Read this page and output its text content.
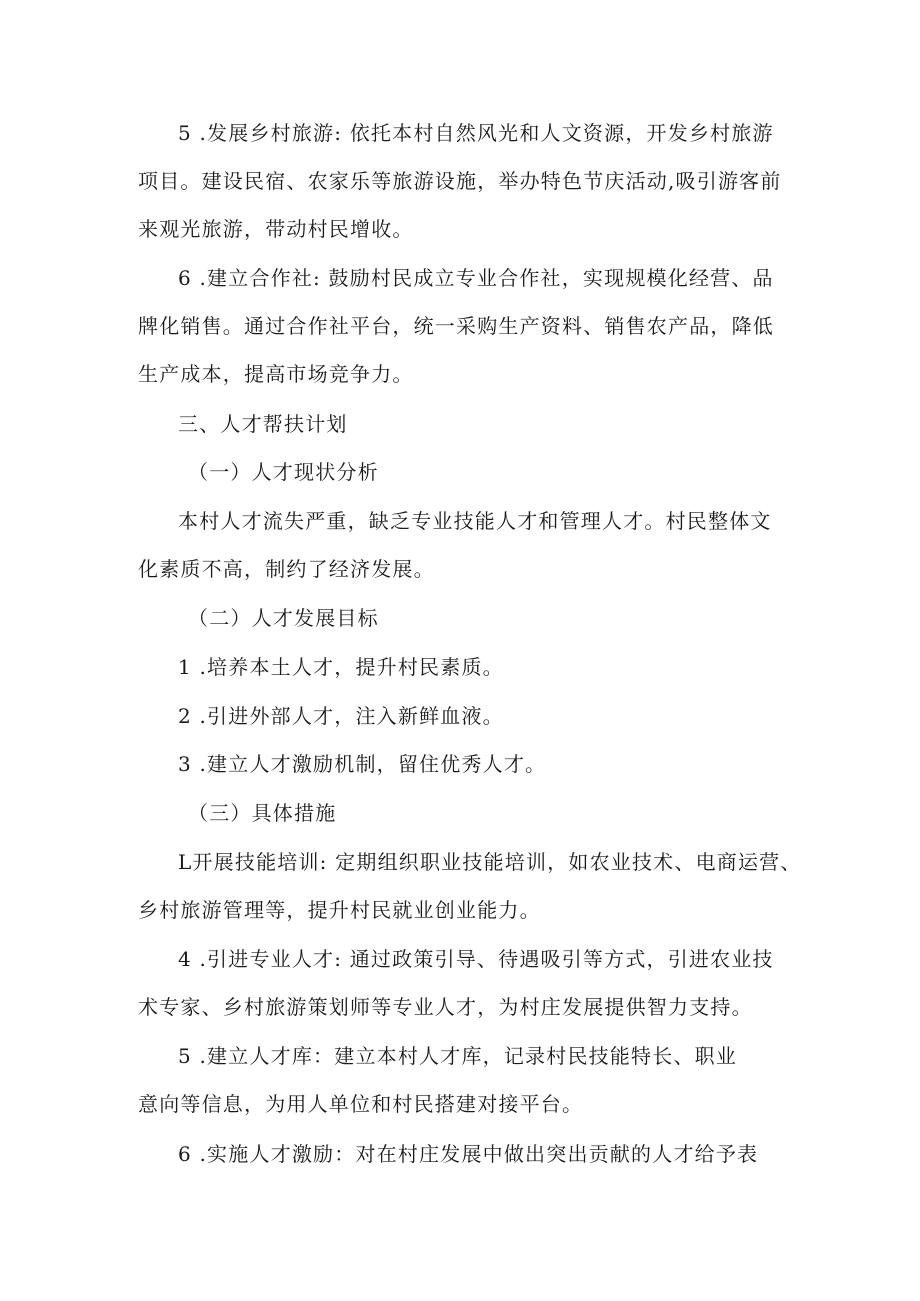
5 .发展乡村旅游: 依托本村自然风光和人文资源，开发乡村旅游
项目。建设民宿、农家乐等旅游设施，举办特色节庆活动,吸引游客前
来观光旅游，带动村民增收。

6 .建立合作社: 鼓励村民成立专业合作社，实现规模化经营、品
牌化销售。通过合作社平台，统一采购生产资料、销售农产品，降低
生产成本，提高市场竞争力。

三、人才帮扶计划

（一）人才现状分析

本村人才流失严重，缺乏专业技能人才和管理人才。村民整体文
化素质不高，制约了经济发展。

（二）人才发展目标

1 .培养本土人才，提升村民素质。

2 .引进外部人才，注入新鲜血液。

3 .建立人才激励机制，留住优秀人才。

（三）具体措施

L开展技能培训: 定期组织职业技能培训，如农业技术、电商运营、
乡村旅游管理等，提升村民就业创业能力。

4 .引进专业人才: 通过政策引导、待遇吸引等方式，引进农业技
术专家、乡村旅游策划师等专业人才，为村庄发展提供智力支持。

5 .建立人才库：建立本村人才库，记录村民技能特长、职业
意向等信息，为用人单位和村民搭建对接平台。

6 .实施人才激励：对在村庄发展中做出突出贡献的人才给予表
